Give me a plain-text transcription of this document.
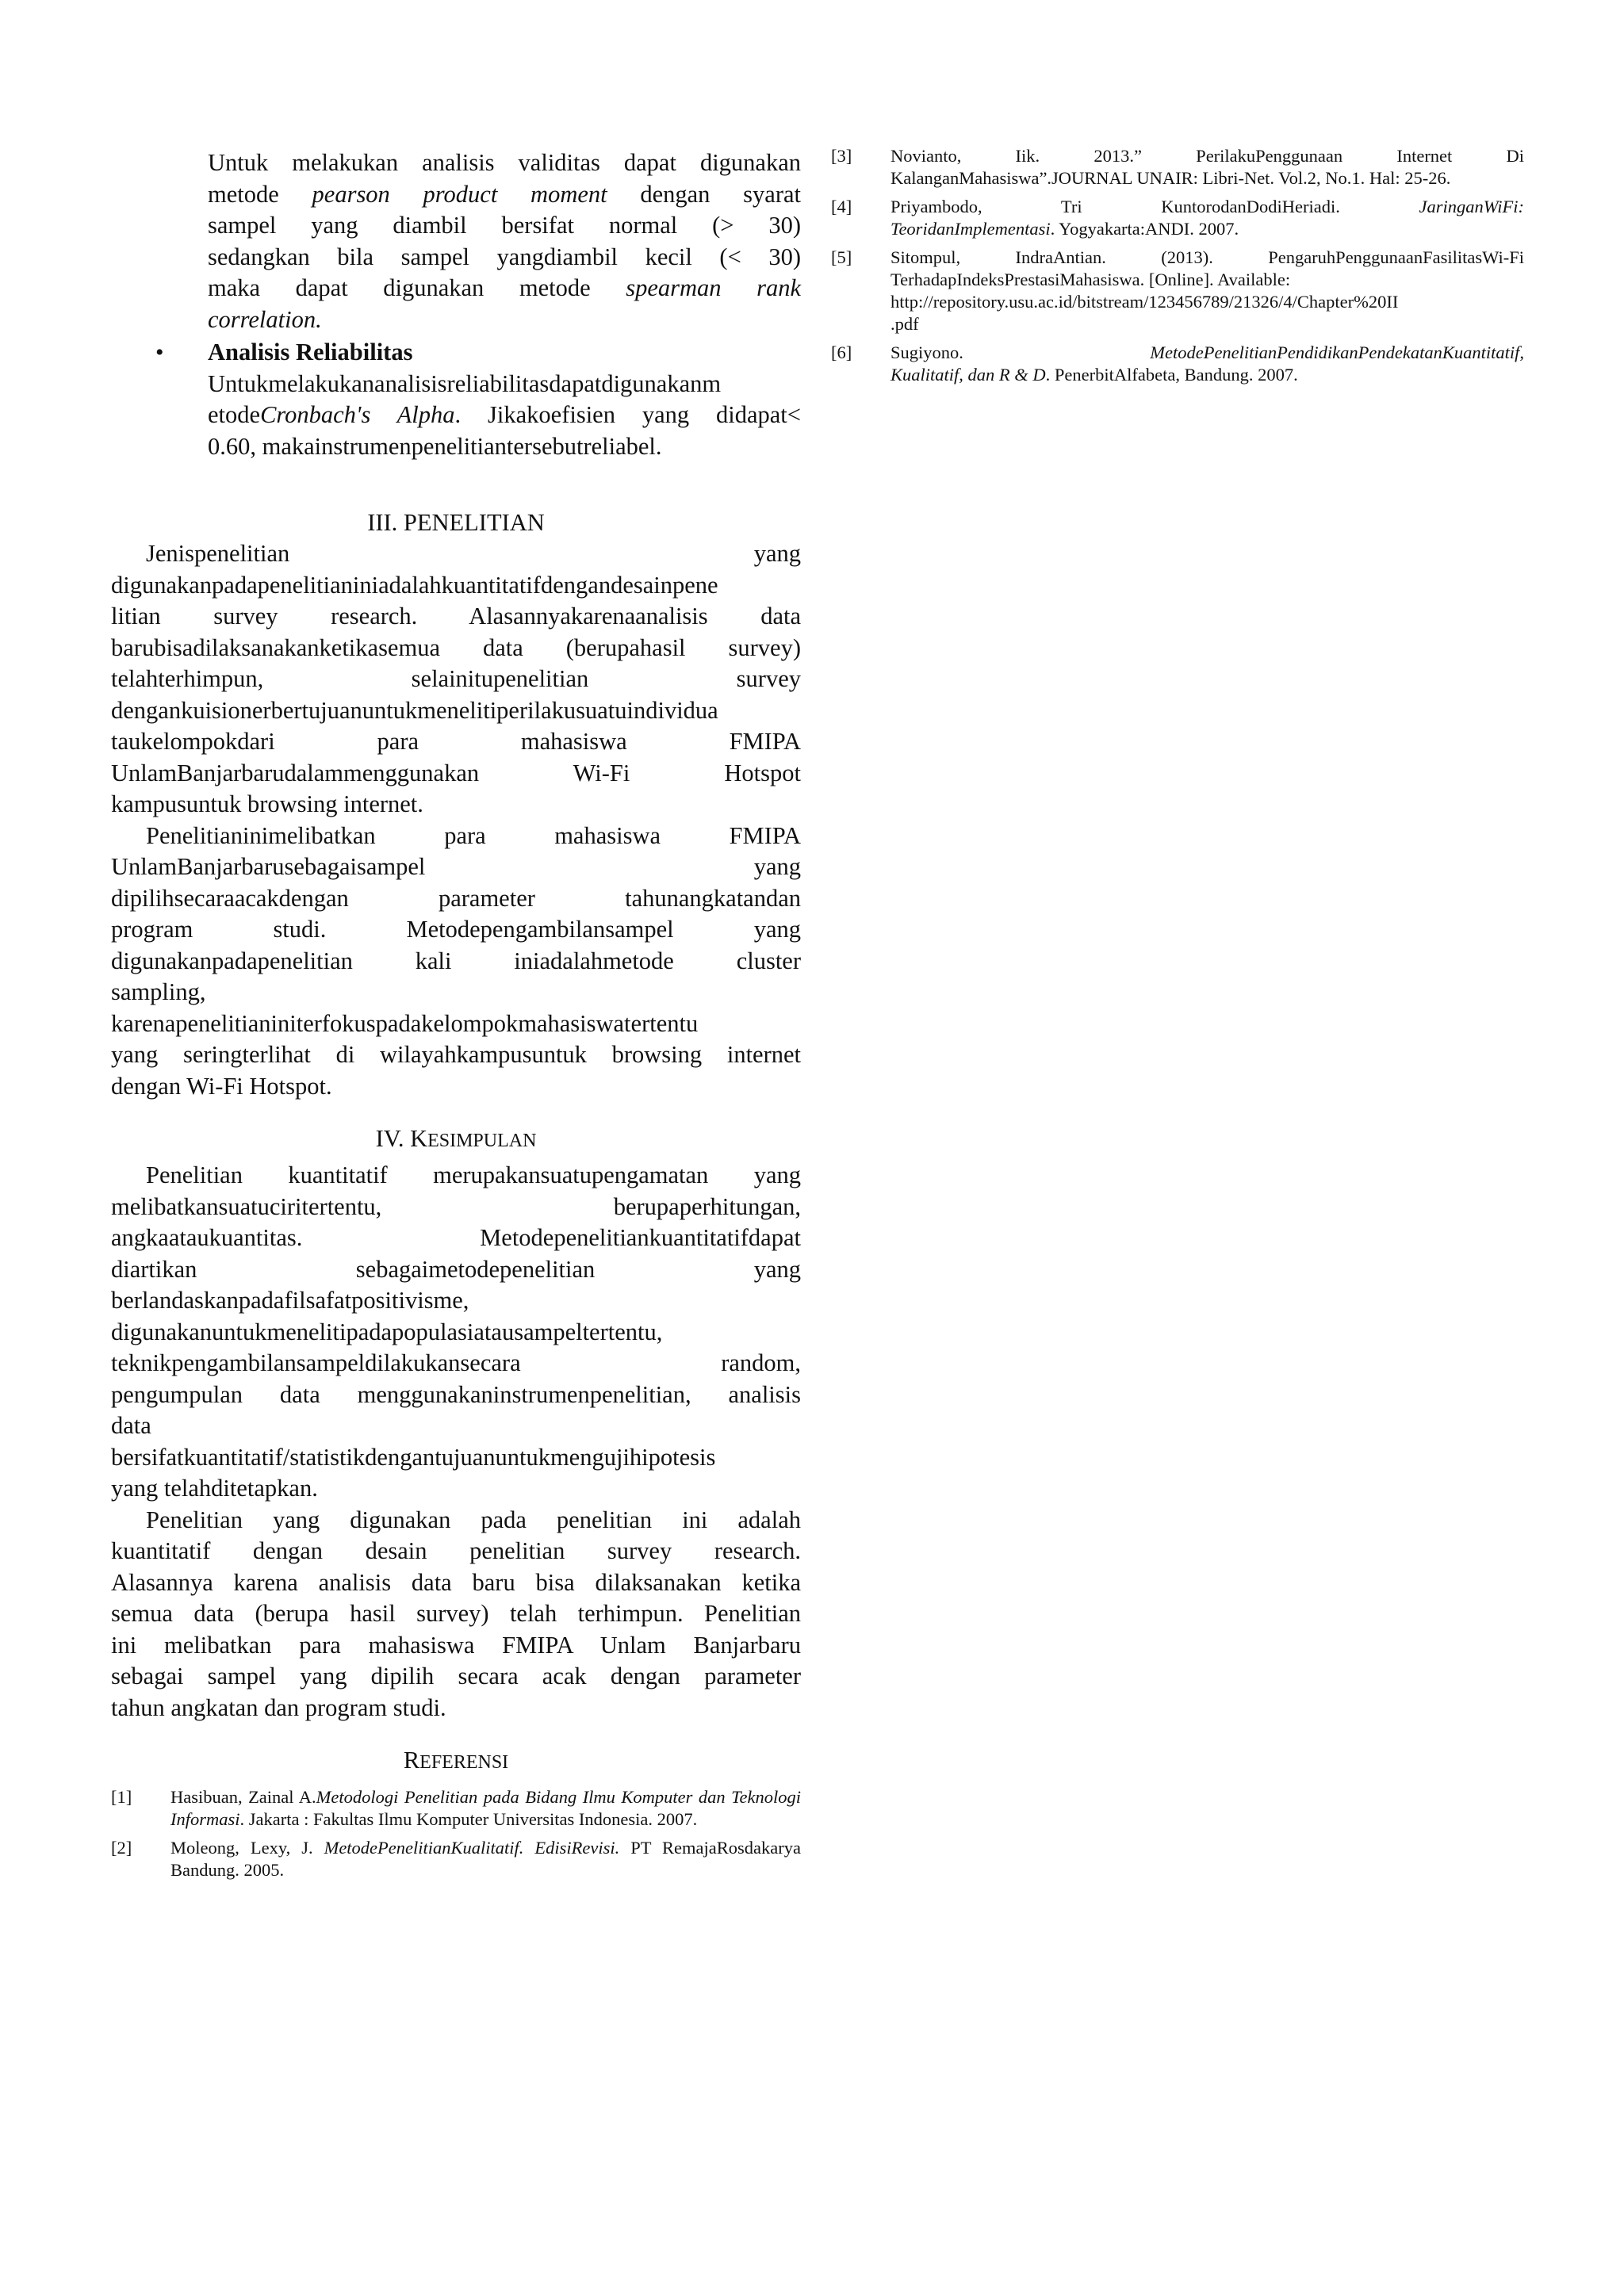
Untuk melakukan analisis validitas dapat digunakan
metode pearson product moment dengan syarat
sampel yang diambil bersifat normal (> 30)
sedangkan bila sampel yangdiambil kecil (< 30)
maka dapat digunakan metode spearman rank
correlation.
• Analisis Reliabilitas
Untukmelakukananalisisreliabilitasdapatdigunakanm
etodeCronbach's Alpha. Jikakoefisien yang didapat<
0.60, makainstrumenpenelitiantersebutreliabel.
III. PENELITIAN
Jenispenelitian yang
digunakanpadapenelitianiniadalahkuantitatifdengandesainpene
litian survey research. Alasannyakarenaanalisis data
barubisadilaksanakanketikasemua data (berupahasil survey)
telahterhimpun, selainitupenelitian survey
dengankuisionerbertujuanuntukmenelitiperilakusuatuindividua
taukelompokdari para mahasiswa FMIPA
UnlamBanjarbarudalammenggunakan Wi-Fi Hotspot
kampusuntuk browsing internet.
Penelitianinimelibatkan para mahasiswa FMIPA
UnlamBanjarbarusebagaisampel yang
dipilihsecaraacakdengan parameter tahunangkatandan
program studi. Metodepengambilansampel yang
digunakanpadapenelitian kali iniadalahmetode cluster
sampling,
karenapenelitianiniterfokuspadakelompokmahasiswatertentu
yang seringterlihat di wilayahkampusuntuk browsing internet
dengan Wi-Fi Hotspot.
IV. KESIMPULAN
Penelitian kuantitatif merupakansuatupengamatan yang
melibatkansuatuciritertentu, berupaperhitungan,
angkaataukuantitas. Metodepenelitiankuantitatifdapat
diartikan sebagaimetodepenelitian yang
berlandaskanpadafilsafatpositivisme,
digunakanuntukmenelitipadapopulasiatausampeltertentu,
teknikpengambilansampeldilakukansecara random,
pengumpulan data menggunakaninstrumenpenelitian, analisis
data
bersifatkuantitatif/statistikdengantujuanuntukmengujihipotesis
yang telahditetapkan.
Penelitian yang digunakan pada penelitian ini adalah
kuantitatif dengan desain penelitian survey research.
Alasannya karena analisis data baru bisa dilaksanakan ketika
semua data (berupa hasil survey) telah terhimpun. Penelitian
ini melibatkan para mahasiswa FMIPA Unlam Banjarbaru
sebagai sampel yang dipilih secara acak dengan parameter
tahun angkatan dan program studi.
REFERENSI
[1] Hasibuan, Zainal A.Metodologi Penelitian pada Bidang Ilmu Komputer dan Teknologi Informasi. Jakarta : Fakultas Ilmu Komputer Universitas Indonesia. 2007.
[2] Moleong, Lexy, J. MetodePenelitianKualitatif. EdisiRevisi. PT RemajaRosdakarya Bandung. 2005.
[3] Novianto, Iik. 2013.” PerilakuPenggunaan Internet Di
KalanganMahasiswa”.JOURNAL UNAIR: Libri-Net. Vol.2, No.1. Hal: 25-26.
[4] Priyambodo, Tri KuntorodanDodiHeriadi. JaringanWiFi:
TeoridanImplementasi. Yogyakarta:ANDI. 2007.
[5] Sitompul, IndraAntian. (2013). PengaruhPenggunaanFasilitasWi-Fi
TerhadapIndeksPrestasiMahasiswa. [Online]. Available:
http://repository.usu.ac.id/bitstream/123456789/21326/4/Chapter%20II
.pdf
[6] Sugiyono. MetodePenelitianPendidikanPendekatanKuantitatif,
Kualitatif, dan R & D. PenerbitAlfabeta, Bandung. 2007.
